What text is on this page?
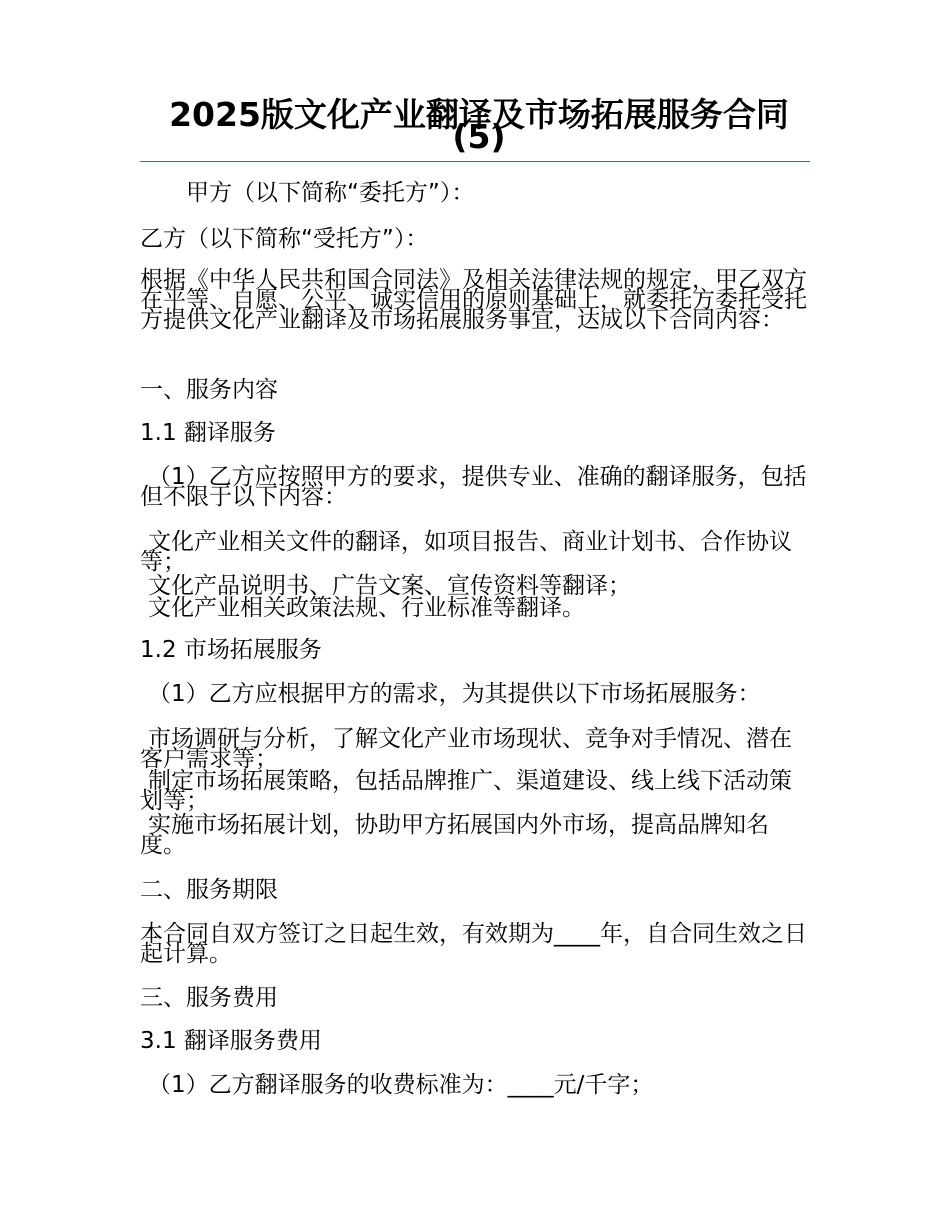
2025版文化产业翻译及市场拓展服务合同(5)
甲方（以下简称“委托方”）：
乙方（以下简称“受托方”）：
根据《中华人民共和国合同法》及相关法律法规的规定，甲乙双方在平等、自愿、公平、诚实信用的原则基础上，就委托方委托受托方提供文化产业翻译及市场拓展服务事宜，达成以下合同内容：
一、服务内容
1.1 翻译服务
（1）乙方应按照甲方的要求，提供专业、准确的翻译服务，包括但不限于以下内容：
文化产业相关文件的翻译，如项目报告、商业计划书、合作协议等；
文化产品说明书、广告文案、宣传资料等翻译；
文化产业相关政策法规、行业标准等翻译。
1.2 市场拓展服务
（1）乙方应根据甲方的需求，为其提供以下市场拓展服务：
市场调研与分析，了解文化产业市场现状、竞争对手情况、潜在客户需求等；
制定市场拓展策略，包括品牌推广、渠道建设、线上线下活动策划等；
实施市场拓展计划，协助甲方拓展国内外市场，提高品牌知名度。
二、服务期限
本合同自双方签订之日起生效，有效期为____年，自合同生效之日起计算。
三、服务费用
3.1 翻译服务费用
（1）乙方翻译服务的收费标准为：____元/千字；
